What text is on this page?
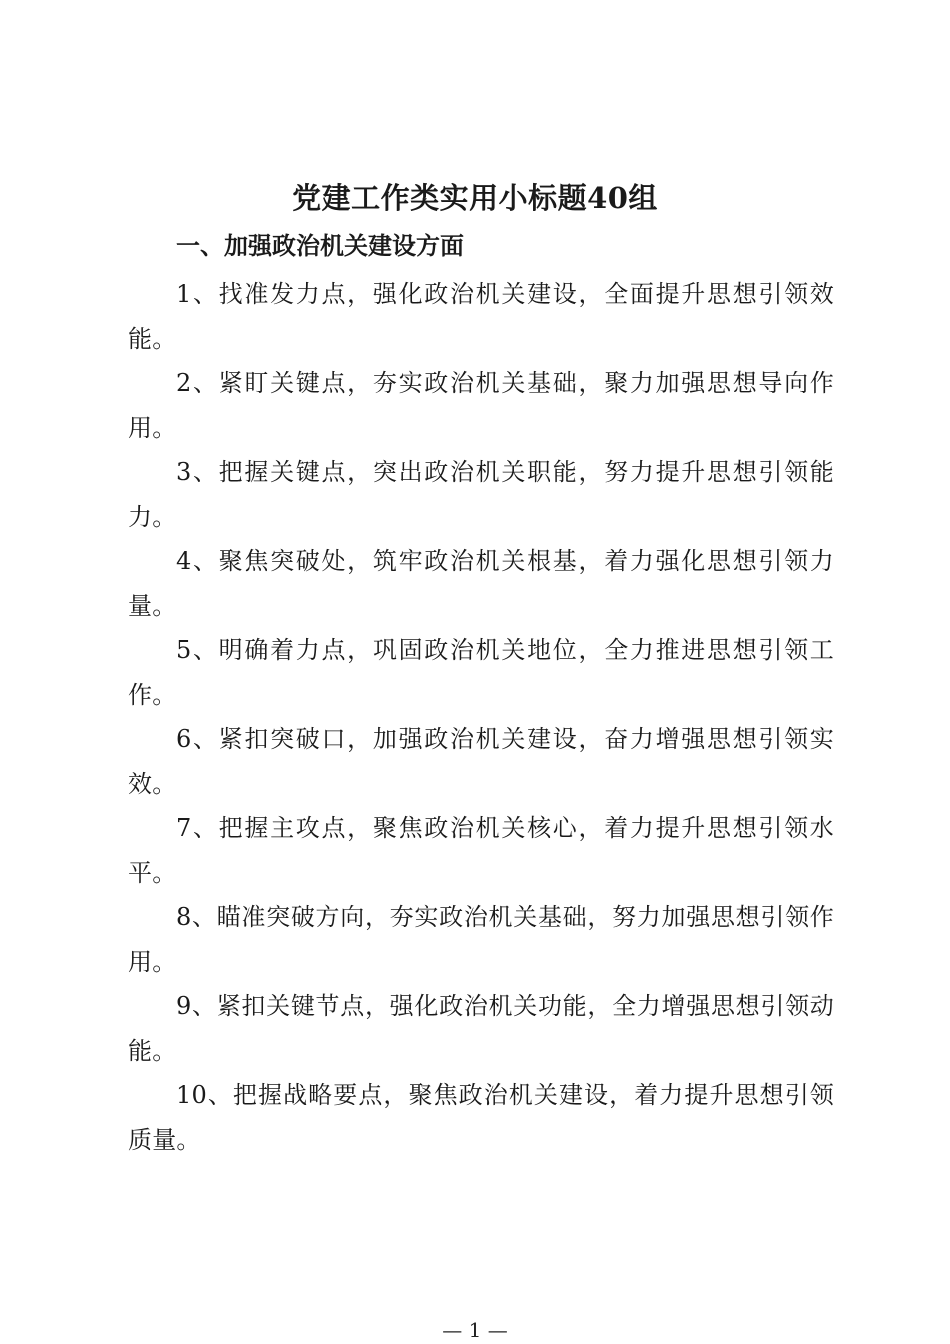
党建工作类实用小标题40组
一、加强政治机关建设方面

1、找准发力点，强化政治机关建设，全面提升思想引领效能。

2、紧盯关键点，夯实政治机关基础，聚力加强思想导向作用。

3、把握关键点，突出政治机关职能，努力提升思想引领能力。

4、聚焦突破处，筑牢政治机关根基，着力强化思想引领力量。

5、明确着力点，巩固政治机关地位，全力推进思想引领工作。

6、紧扣突破口，加强政治机关建设，奋力增强思想引领实效。

7、把握主攻点，聚焦政治机关核心，着力提升思想引领水平。

8、瞄准突破方向，夯实政治机关基础，努力加强思想引领作用。

9、紧扣关键节点，强化政治机关功能，全力增强思想引领动能。

10、把握战略要点，聚焦政治机关建设，着力提升思想引领质量。

— 1 —
